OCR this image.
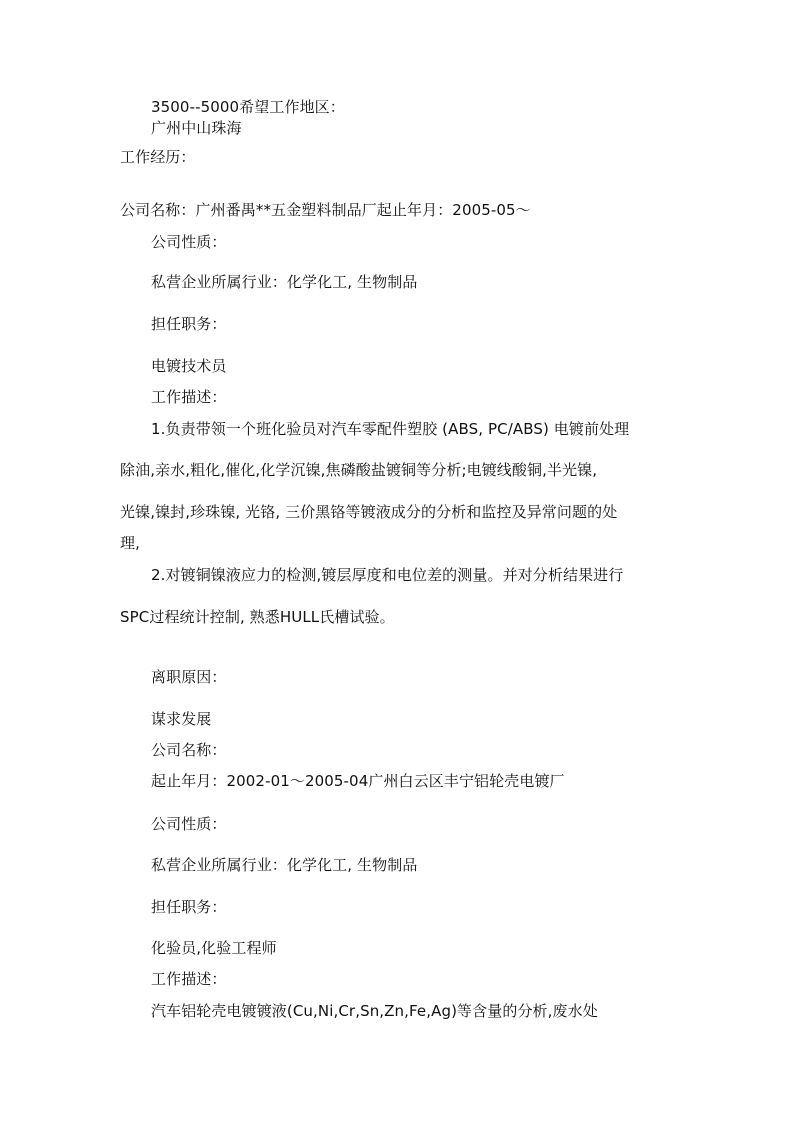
3500--5000希望工作地区：
广州中山珠海
工作经历：
公司名称：广州番禺**五金塑料制品厂起止年月：2005-05～
公司性质：
私营企业所属行业：化学化工, 生物制品
担任职务：
电镀技术员
工作描述：
1.负责带领一个班化验员对汽车零配件塑胶 (ABS, PC/ABS) 电镀前处理
除油,亲水,粗化,催化,化学沉镍,焦磷酸盐镀铜等分析;电镀线酸铜,半光镍,
光镍,镍封,珍珠镍, 光铬, 三价黑铬等镀液成分的分析和监控及异常问题的处
理,
2.对镀铜镍液应力的检测,镀层厚度和电位差的测量。并对分析结果进行
SPC过程统计控制, 熟悉HULL氏槽试验。
离职原因：
谋求发展
公司名称：
起止年月：2002-01～2005-04广州白云区丰宁铝轮壳电镀厂
公司性质：
私营企业所属行业：化学化工, 生物制品
担任职务：
化验员,化验工程师
工作描述：
汽车铝轮壳电镀镀液(Cu,Ni,Cr,Sn,Zn,Fe,Ag)等含量的分析,废水处
